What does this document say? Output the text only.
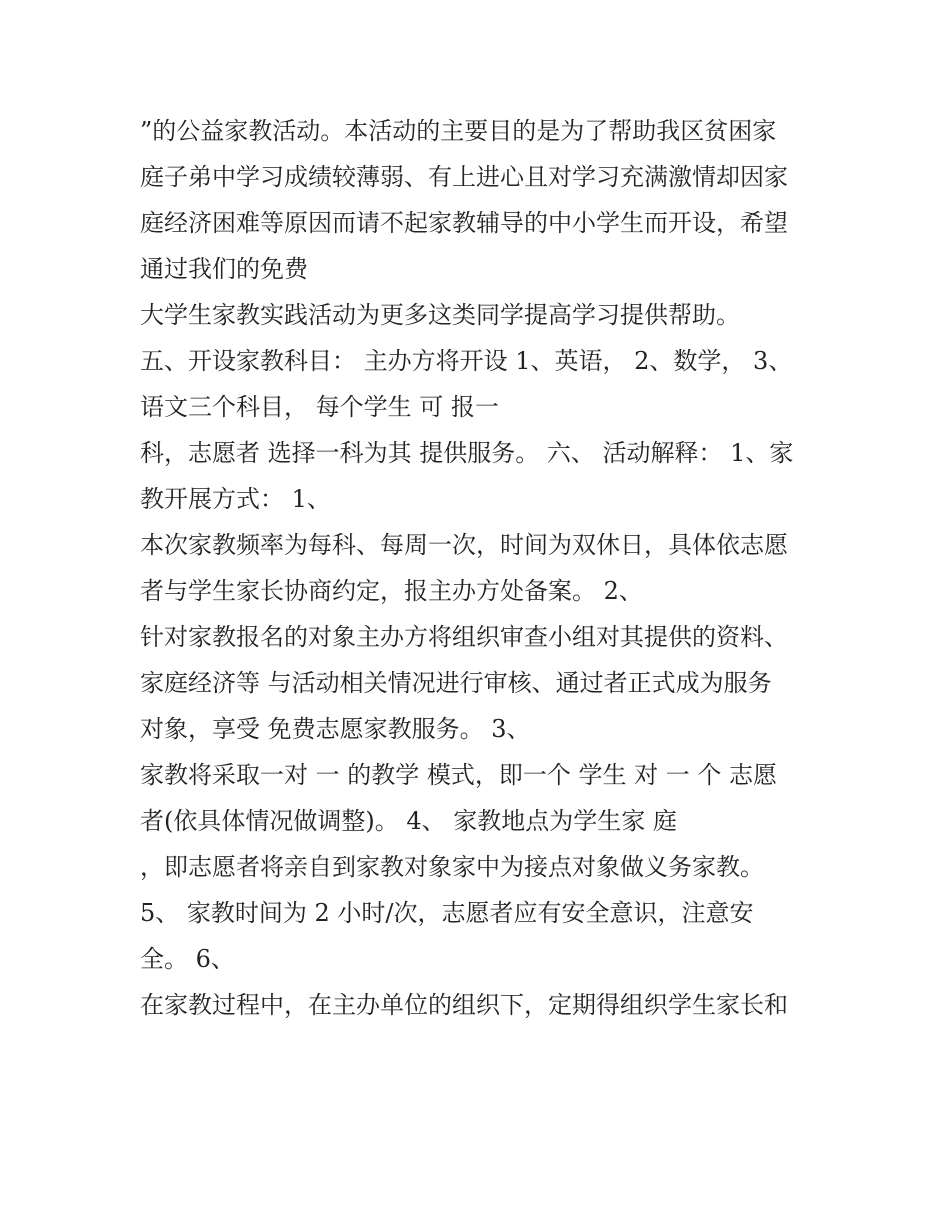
”的公益家教活动。本活动的主要目的是为了帮助我区贫困家
庭子弟中学习成绩较薄弱、有上进心且对学习充满激情却因家
庭经济困难等原因而请不起家教辅导的中小学生而开设，希望
通过我们的免费
大学生家教实践活动为更多这类同学提高学习提供帮助。
五、开设家教科目： 主办方将开设 1、英语， 2、数学， 3、
语文三个科目， 每个学生 可 报一
科，志愿者 选择一科为其 提供服务。 六、 活动解释： 1、家
教开展方式： 1、
本次家教频率为每科、每周一次，时间为双休日，具体依志愿
者与学生家长协商约定，报主办方处备案。 2、
针对家教报名的对象主办方将组织审查小组对其提供的资料、
家庭经济等 与活动相关情况进行审核、通过者正式成为服务
对象，享受 免费志愿家教服务。 3、
家教将采取一对 一 的教学 模式，即一个 学生 对 一 个 志愿
者(依具体情况做调整)。 4、 家教地点为学生家 庭
，即志愿者将亲自到家教对象家中为接点对象做义务家教。
5、 家教时间为 2 小时/次，志愿者应有安全意识，注意安
全。 6、
在家教过程中，在主办单位的组织下，定期得组织学生家长和
